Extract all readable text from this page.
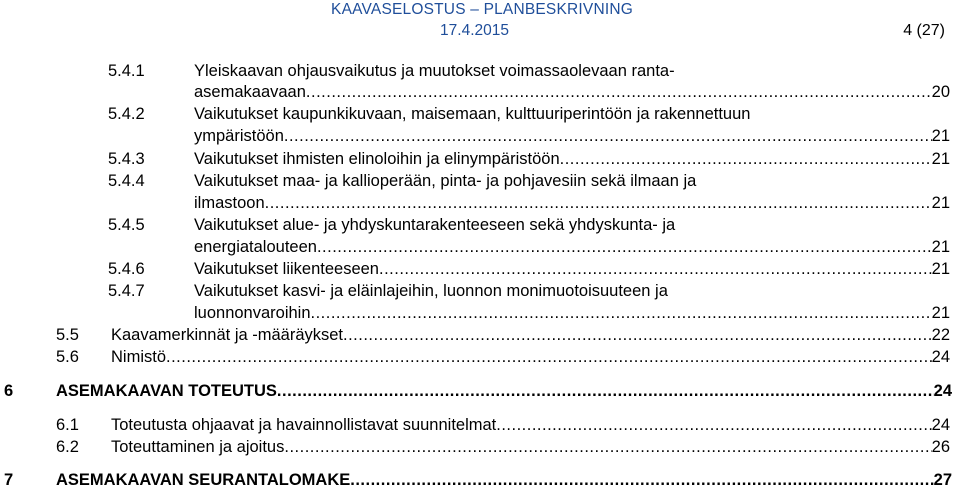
KAAVASELOSTUS – PLANBESKRIVNING
17.4.2015	4 (27)
5.4.1	Yleiskaavan ohjausvaikutus ja muutokset voimassaolevaan ranta-
asemakaavaan .....	20
5.4.2	Vaikutukset kaupunkikuvaan, maisemaan, kulttuuriperintöön ja rakennettuun
ympäristöön .....	21
5.4.3	Vaikutukset ihmisten elinoloihin ja elinympäristöön .....	21
5.4.4	Vaikutukset maa- ja kallioperään, pinta- ja pohjavesiin sekä ilmaan ja
ilmastoon .....	21
5.4.5	Vaikutukset alue- ja yhdyskuntarakenteeseen sekä yhdyskunta- ja
energiatalouteen .....	21
5.4.6	Vaikutukset liikenteeseen .....	21
5.4.7	Vaikutukset kasvi- ja eläinlajeihin, luonnon monimuotoisuuteen ja
luonnonvaroihin .....	21
5.5 Kaavamerkinnät ja -määräykset .....	22
5.6 Nimistö .....	24
6	ASEMAKAAVAN TOTEUTUS .....	24
6.1 Toteutusta ohjaavat ja havainnollistavat suunnitelmat .....	24
6.2 Toteuttaminen ja ajoitus .....	26
7	ASEMAKAAVAN SEURANTALOMAKE .....	27
